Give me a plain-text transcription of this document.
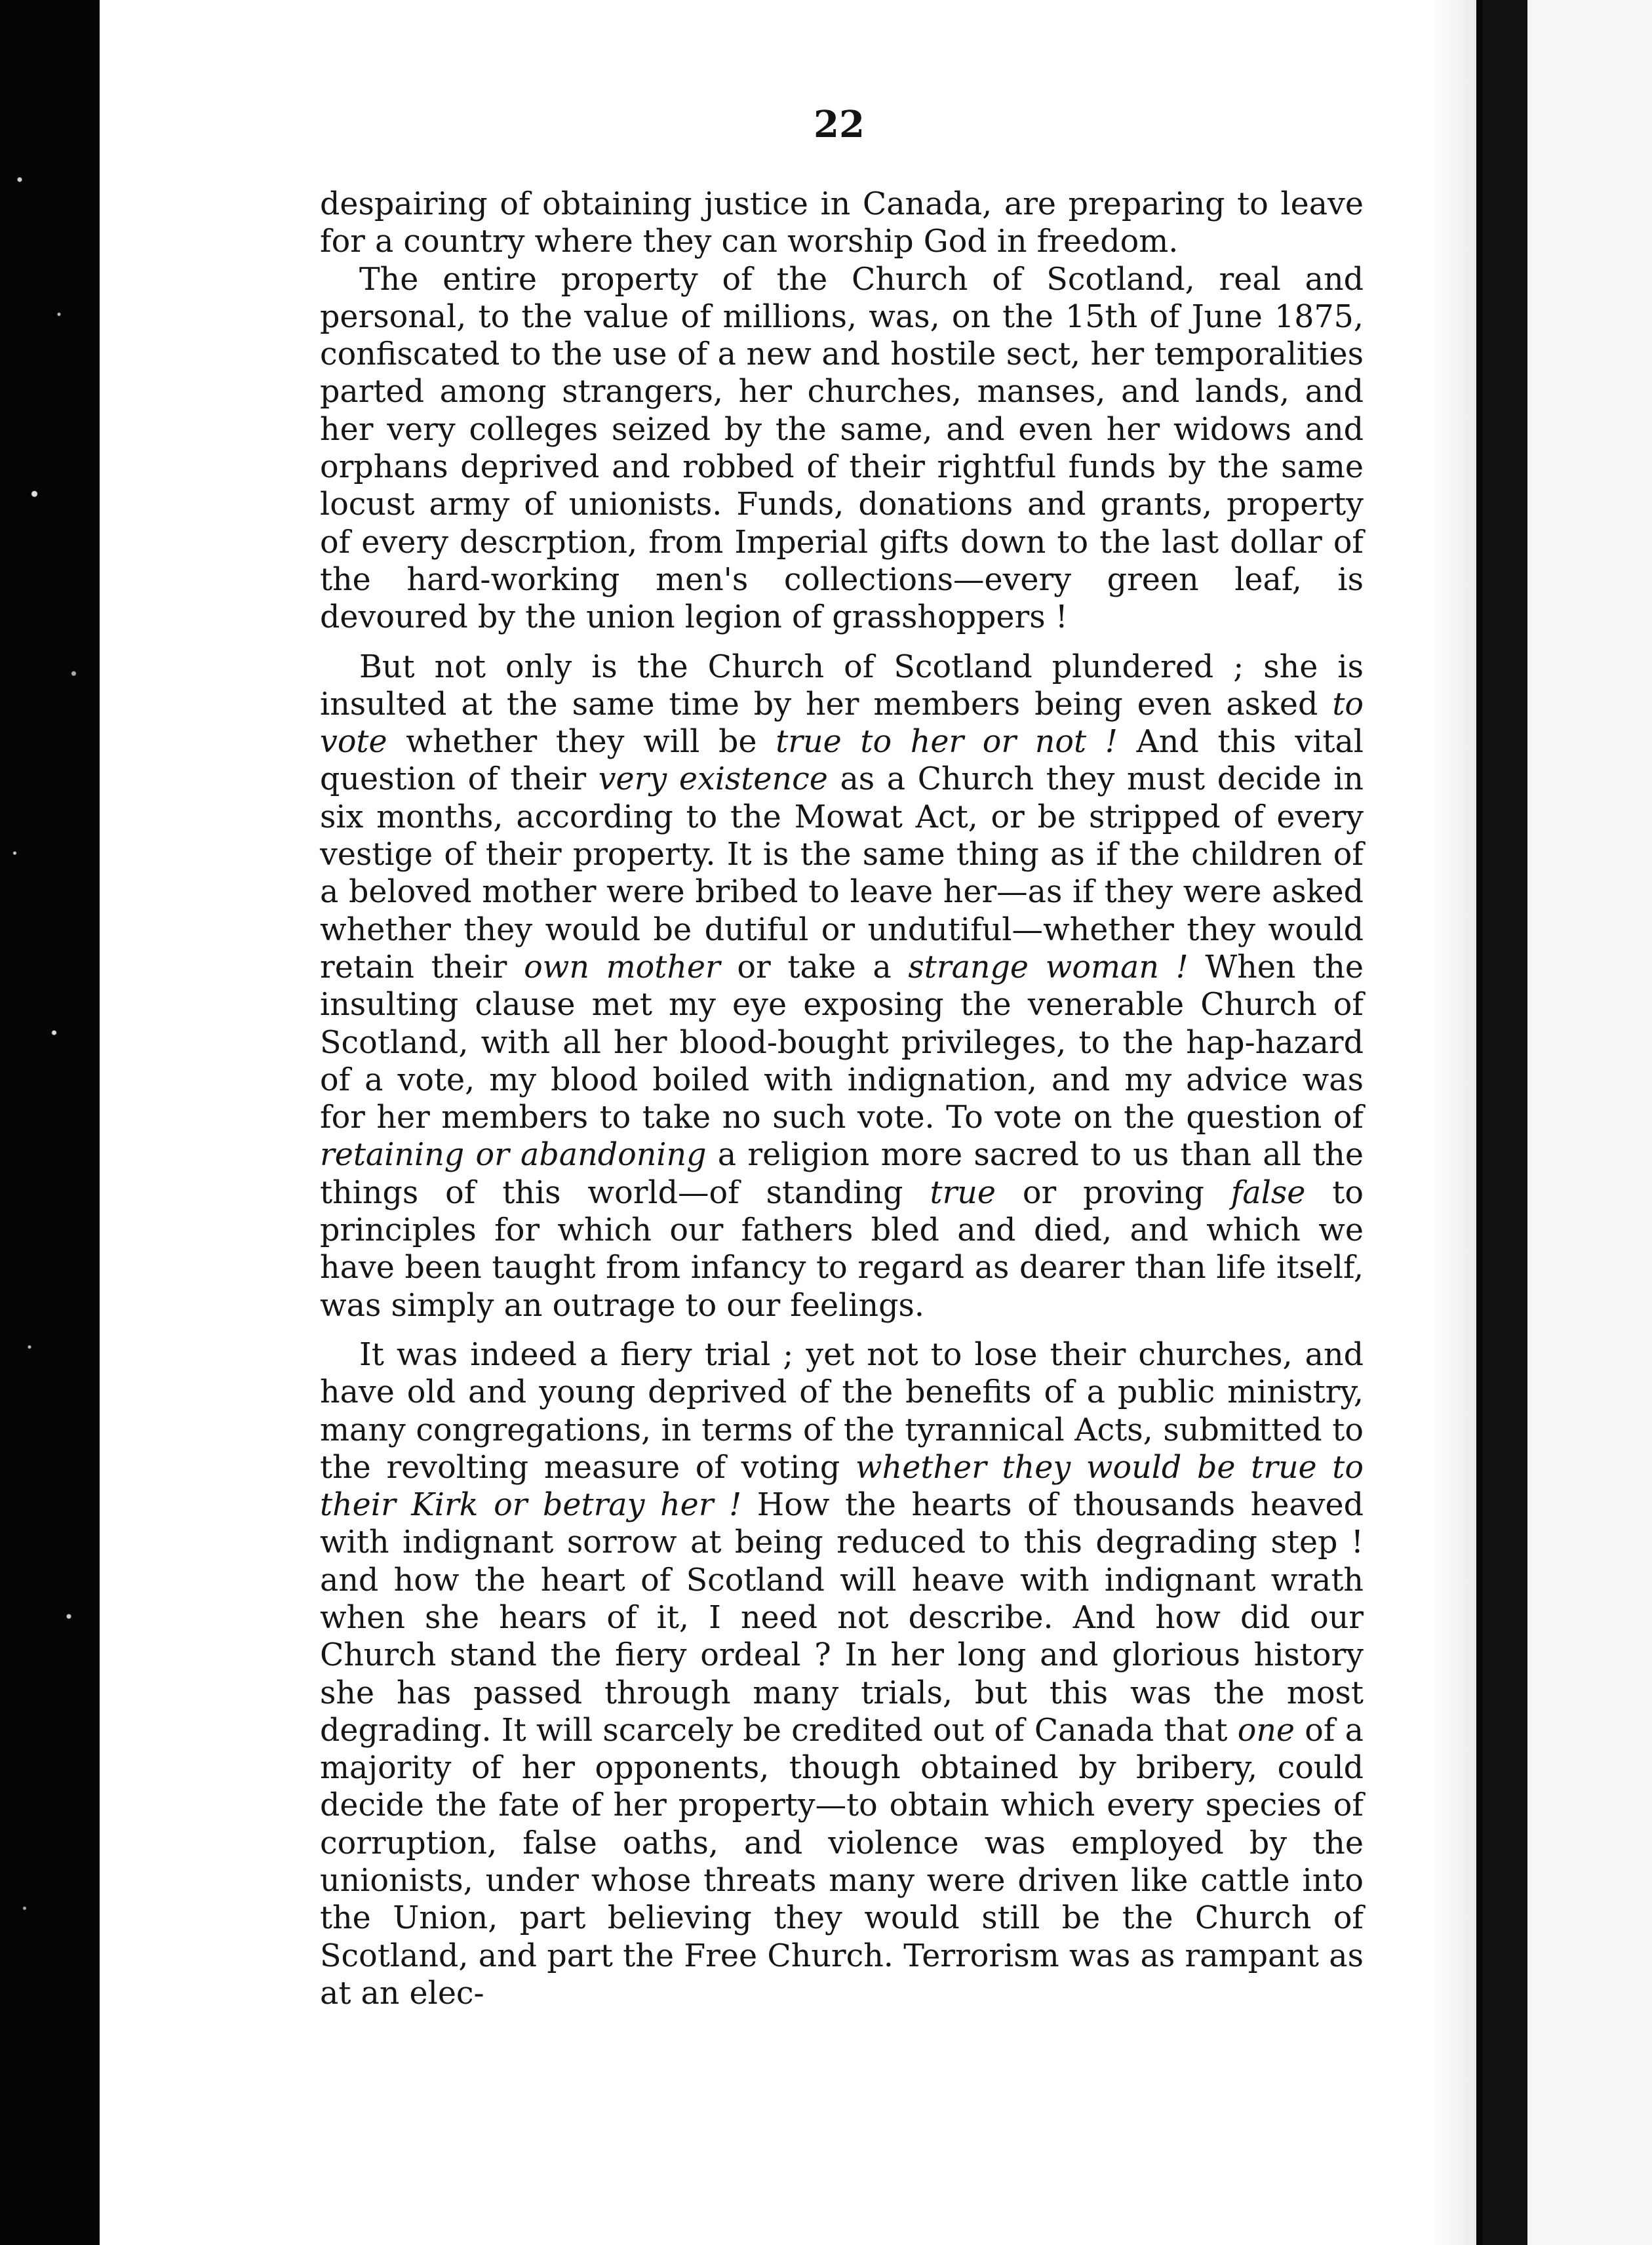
22

despairing of obtaining justice in Canada, are preparing to leave for a country where they can worship God in freedom.

The entire property of the Church of Scotland, real and personal, to the value of millions, was, on the 15th of June 1875, confiscated to the use of a new and hostile sect, her temporalities parted among strangers, her churches, manses, and lands, and her very colleges seized by the same, and even her widows and orphans deprived and robbed of their rightful funds by the same locust army of unionists. Funds, donations and grants, property of every descrption, from Imperial gifts down to the last dollar of the hard-working men's collections—every green leaf, is devoured by the union legion of grasshoppers !

But not only is the Church of Scotland plundered ; she is insulted at the same time by her members being even asked to vote whether they will be true to her or not ! And this vital question of their very existence as a Church they must decide in six months, according to the Mowat Act, or be stripped of every vestige of their property. It is the same thing as if the children of a beloved mother were bribed to leave her—as if they were asked whether they would be dutiful or undutiful—whether they would retain their own mother or take a strange woman ! When the insulting clause met my eye exposing the venerable Church of Scotland, with all her blood-bought privileges, to the hap-hazard of a vote, my blood boiled with indignation, and my advice was for her members to take no such vote. To vote on the question of retaining or abandoning a religion more sacred to us than all the things of this world—of standing true or proving false to principles for which our fathers bled and died, and which we have been taught from infancy to regard as dearer than life itself, was simply an outrage to our feelings.

It was indeed a fiery trial ; yet not to lose their churches, and have old and young deprived of the benefits of a public ministry, many congregations, in terms of the tyrannical Acts, submitted to the revolting measure of voting whether they would be true to their Kirk or betray her ! How the hearts of thousands heaved with indignant sorrow at being reduced to this degrading step ! and how the heart of Scotland will heave with indignant wrath when she hears of it, I need not describe. And how did our Church stand the fiery ordeal ? In her long and glorious history she has passed through many trials, but this was the most degrading. It will scarcely be credited out of Canada that one of a majority of her opponents, though obtained by bribery, could decide the fate of her property—to obtain which every species of corruption, false oaths, and violence was employed by the unionists, under whose threats many were driven like cattle into the Union, part believing they would still be the Church of Scotland, and part the Free Church. Terrorism was as rampant as at an elec-
